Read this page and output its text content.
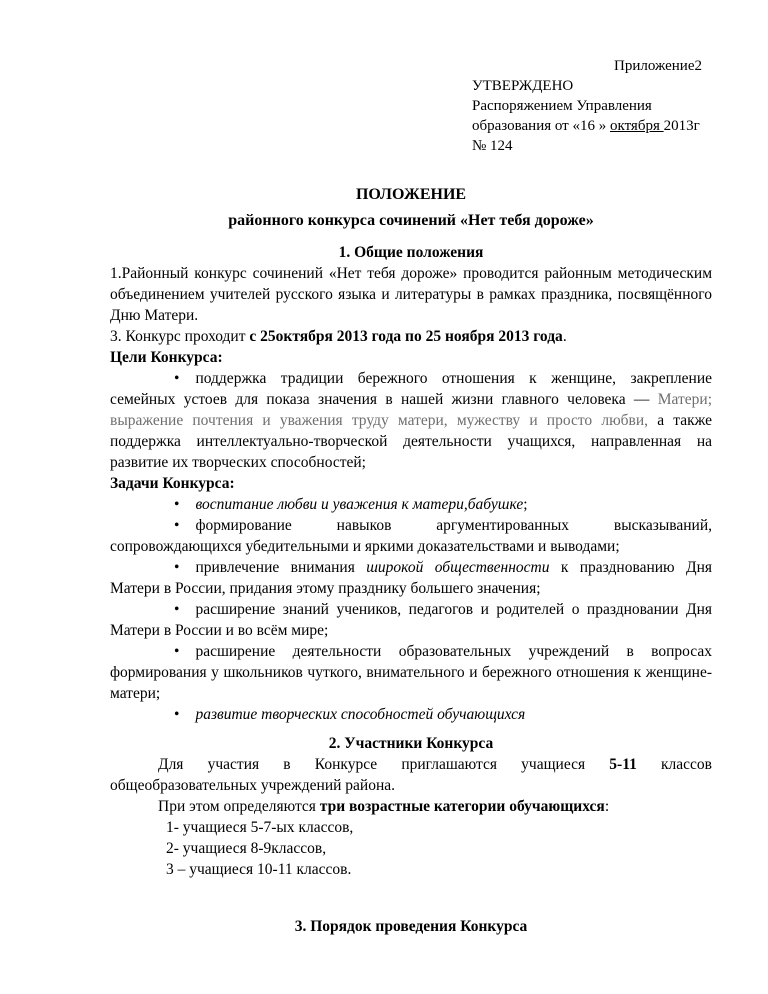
Приложение2
УТВЕРЖДЕНО
Распоряжением Управления
образования от «16 » октября 2013г
№ 124
ПОЛОЖЕНИЕ
районного конкурса сочинений «Нет тебя дороже»
1. Общие положения

1.Районный конкурс сочинений «Нет тебя дороже» проводится районным методическим объединением учителей русского языка и литературы в рамках праздника, посвящённого Дню Матери.

3. Конкурс проходит с 25октября 2013 года по 25 ноября 2013 года.

Цели Конкурса:

• поддержка традиции бережного отношения к женщине, закрепление семейных устоев для показа значения в нашей жизни главного человека — Матери; выражение почтения и уважения труду матери, мужеству и просто любви, а также поддержка интеллектуально-творческой деятельности учащихся, направленная на развитие их творческих способностей;

Задачи Конкурса:

• воспитание любви и уважения к матери,бабушке;

• формирование навыков аргументированных высказываний, сопровождающихся убедительными и яркими доказательствами и выводами;

• привлечение внимания широкой общественности к празднованию Дня Матери в России, придания этому празднику большего значения;

• расширение знаний учеников, педагогов и родителей о праздновании Дня Матери в России и во всём мире;

• расширение деятельности образовательных учреждений в вопросах формирования у школьников чуткого, внимательного и бережного отношения к женщине-матери;

• развитие творческих способностей обучающихся

2. Участники Конкурса

Для участия в Конкурсе приглашаются учащиеся 5-11 классов общеобразовательных учреждений района.

При этом определяются три возрастные категории обучающихся:

1- учащиеся 5-7-ых классов,

2- учащиеся 8-9классов,

3 – учащиеся 10-11 классов.

3. Порядок проведения Конкурса
